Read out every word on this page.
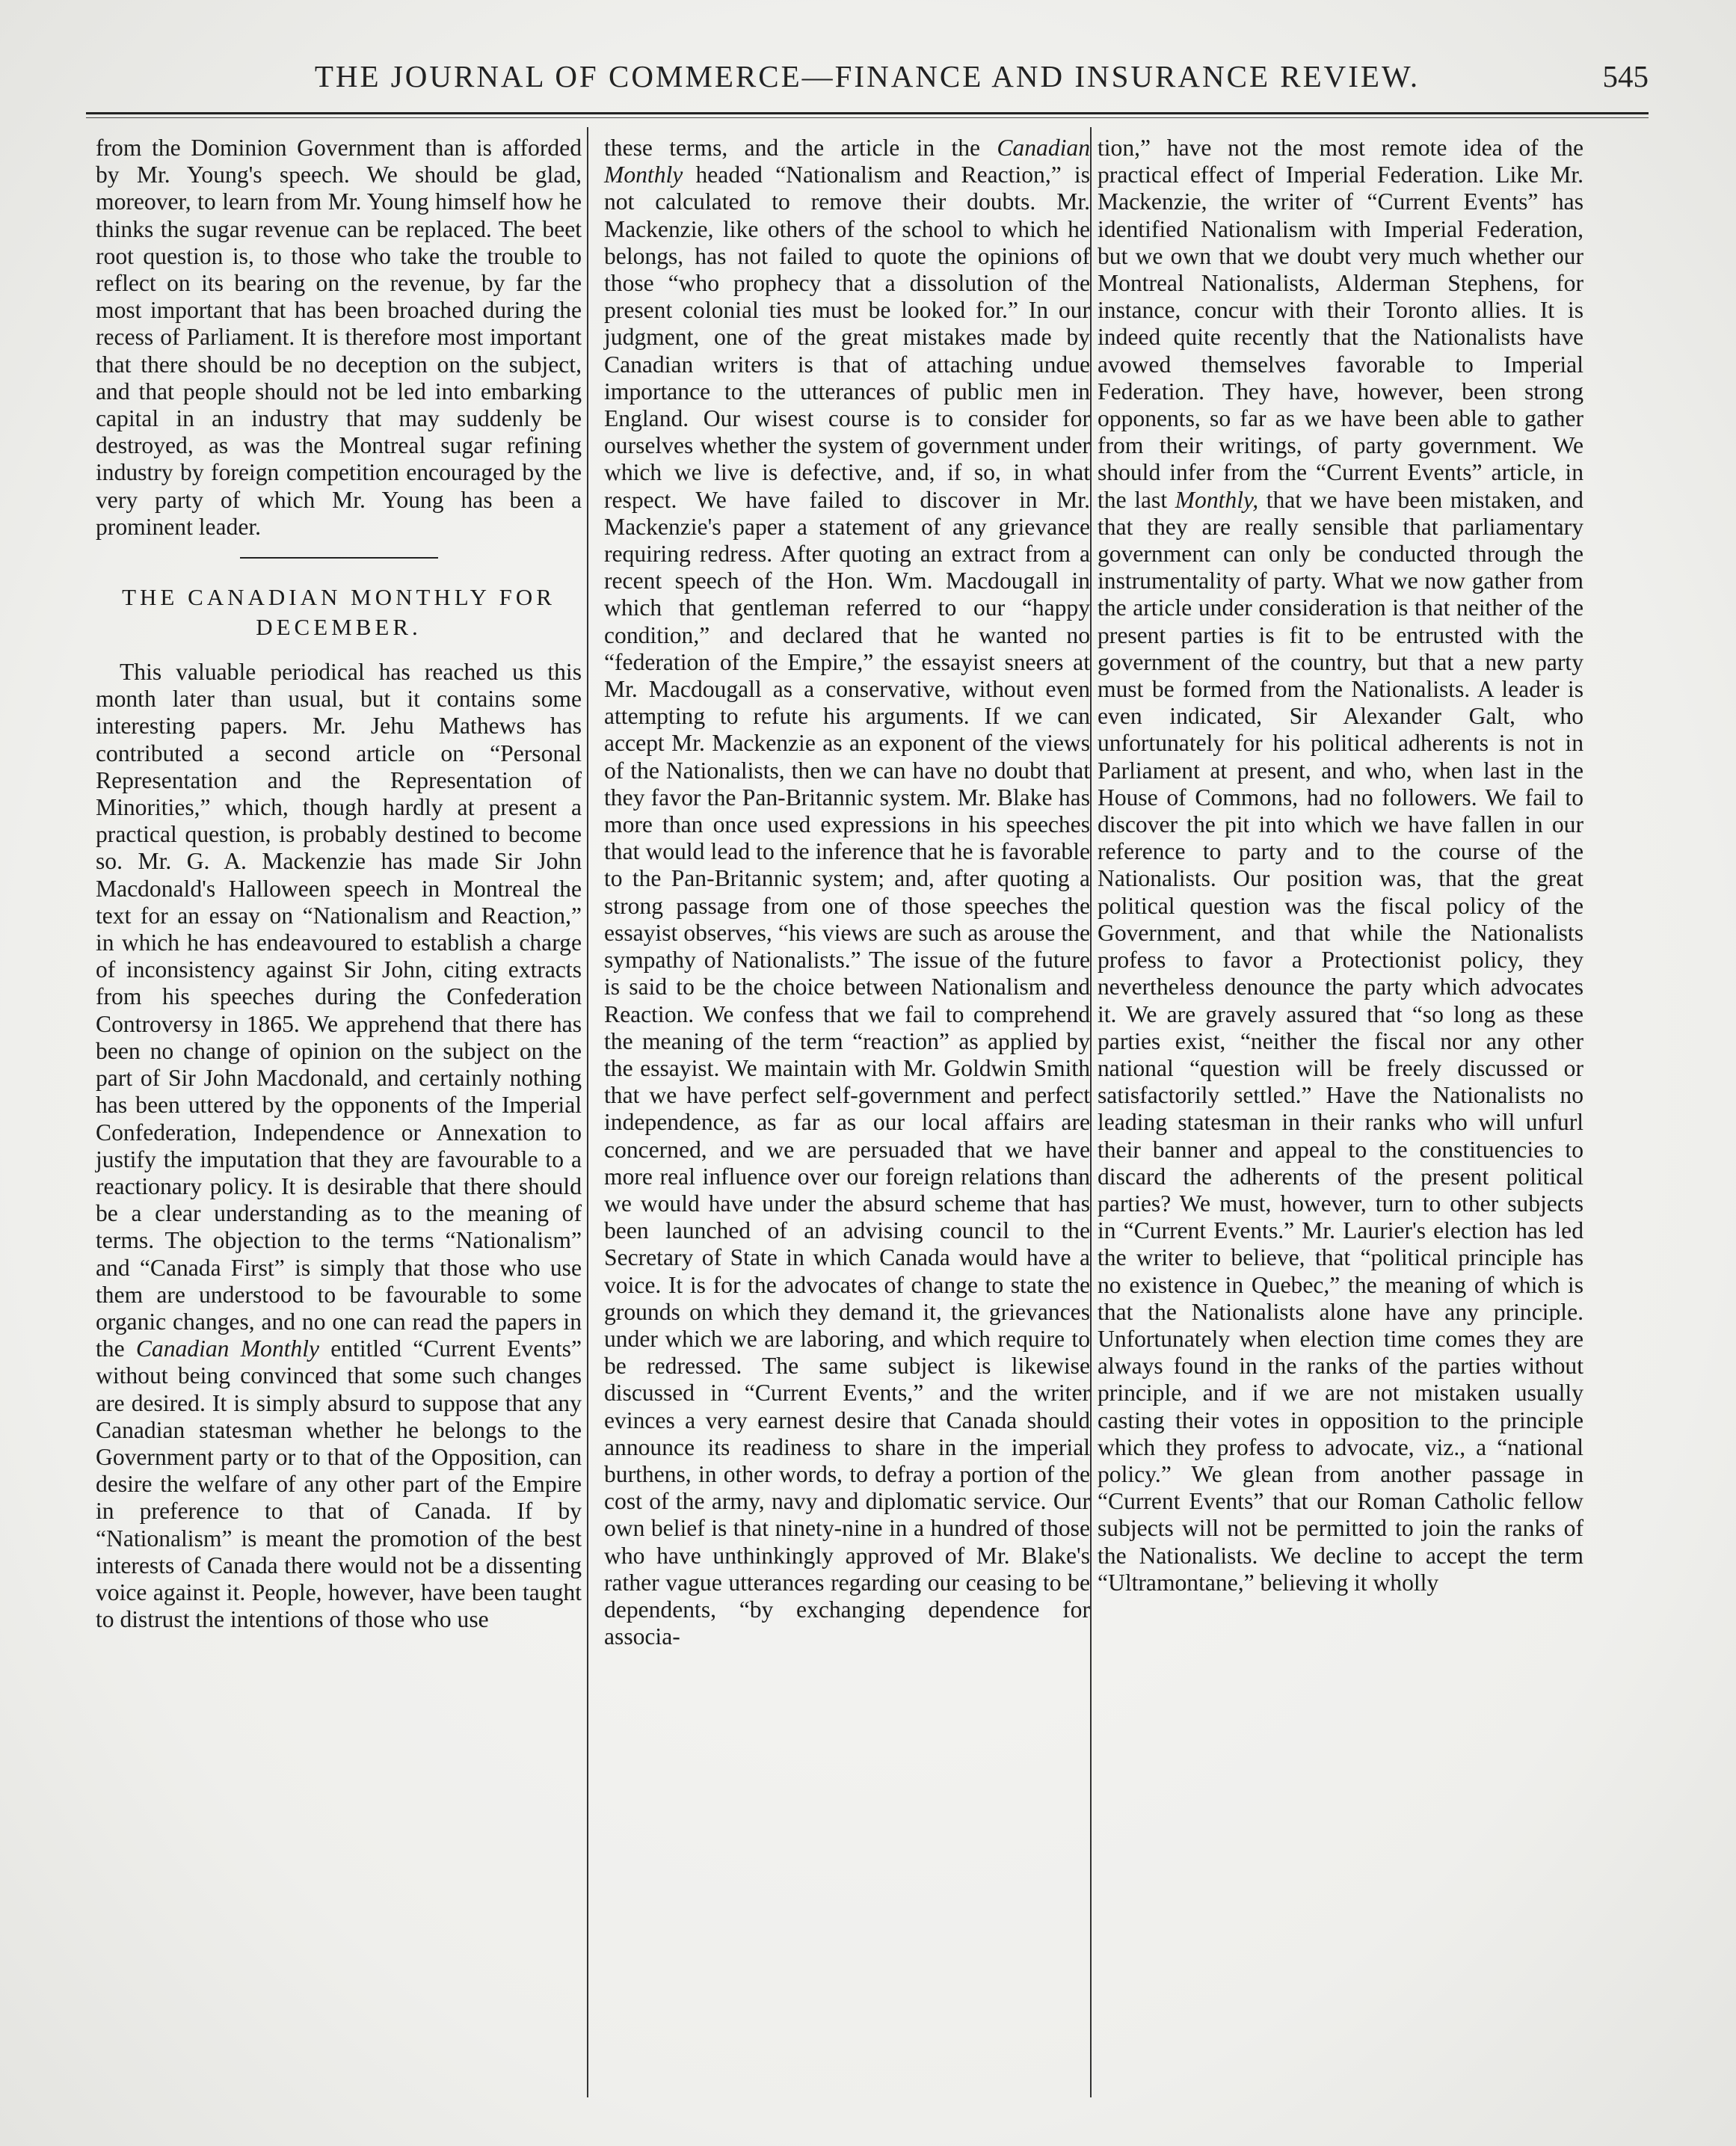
THE JOURNAL OF COMMERCE—FINANCE AND INSURANCE REVIEW.	545

from the Dominion Government than is afforded by Mr. Young's speech. We should be glad, moreover, to learn from Mr. Young himself how he thinks the sugar revenue can be replaced. The beet root question is, to those who take the trouble to reflect on its bearing on the revenue, by far the most important that has been broached during the recess of Parliament. It is therefore most important that there should be no deception on the subject, and that people should not be led into embarking capital in an industry that may suddenly be destroyed, as was the Montreal sugar refining industry by foreign competition encouraged by the very party of which Mr. Young has been a prominent leader.

THE CANADIAN MONTHLY FOR DECEMBER.

This valuable periodical has reached us this month later than usual, but it contains some interesting papers. Mr. Jehu Mathews has contributed a second article on “Personal Representation and the Representation of Minorities,” which, though hardly at present a practical question, is probably destined to become so. Mr. G. A. Mackenzie has made Sir John Macdonald's Halloween speech in Montreal the text for an essay on “Nationalism and Reaction,” in which he has endeavoured to establish a charge of inconsistency against Sir John, citing extracts from his speeches during the Confederation Controversy in 1865. We apprehend that there has been no change of opinion on the subject on the part of Sir John Macdonald, and certainly nothing has been uttered by the opponents of the Imperial Confederation, Independence or Annexation to justify the imputation that they are favourable to a reactionary policy. It is desirable that there should be a clear understanding as to the meaning of terms. The objection to the terms “Nationalism” and “Canada First” is simply that those who use them are understood to be favourable to some organic changes, and no one can read the papers in the Canadian Monthly entitled “Current Events” without being convinced that some such changes are desired. It is simply absurd to suppose that any Canadian statesman whether he belongs to the Government party or to that of the Opposition, can desire the welfare of any other part of the Empire in preference to that of Canada. If by “Nationalism” is meant the promotion of the best interests of Canada there would not be a dissenting voice against it. People, however, have been taught to distrust the intentions of those who use

these terms, and the article in the Canadian Monthly headed “Nationalism and Reaction,” is not calculated to remove their doubts. Mr. Mackenzie, like others of the school to which he belongs, has not failed to quote the opinions of those “who prophecy that a dissolution of the present colonial ties must be looked for.” In our judgment, one of the great mistakes made by Canadian writers is that of attaching undue importance to the utterances of public men in England. Our wisest course is to consider for ourselves whether the system of government under which we live is defective, and, if so, in what respect. We have failed to discover in Mr. Mackenzie's paper a statement of any grievance requiring redress. After quoting an extract from a recent speech of the Hon. Wm. Macdougall in which that gentleman referred to our “happy condition,” and declared that he wanted no “federation of the Empire,” the essayist sneers at Mr. Macdougall as a conservative, without even attempting to refute his arguments. If we can accept Mr. Mackenzie as an exponent of the views of the Nationalists, then we can have no doubt that they favor the Pan-Britannic system. Mr. Blake has more than once used expressions in his speeches that would lead to the inference that he is favorable to the Pan-Britannic system; and, after quoting a strong passage from one of those speeches the essayist observes, “his views are such as arouse the sympathy of Nationalists.” The issue of the future is said to be the choice between Nationalism and Reaction. We confess that we fail to comprehend the meaning of the term “reaction” as applied by the essayist. We maintain with Mr. Goldwin Smith that we have perfect self-government and perfect independence, as far as our local affairs are concerned, and we are persuaded that we have more real influence over our foreign relations than we would have under the absurd scheme that has been launched of an advising council to the Secretary of State in which Canada would have a voice. It is for the advocates of change to state the grounds on which they demand it, the grievances under which we are laboring, and which require to be redressed. The same subject is likewise discussed in “Current Events,” and the writer evinces a very earnest desire that Canada should announce its readiness to share in the imperial burthens, in other words, to defray a portion of the cost of the army, navy and diplomatic service. Our own belief is that ninety-nine in a hundred of those who have unthinkingly approved of Mr. Blake's rather vague utterances regarding our ceasing to be dependents, “by exchanging dependence for associa-

tion,” have not the most remote idea of the practical effect of Imperial Federation. Like Mr. Mackenzie, the writer of “Current Events” has identified Nationalism with Imperial Federation, but we own that we doubt very much whether our Montreal Nationalists, Alderman Stephens, for instance, concur with their Toronto allies. It is indeed quite recently that the Nationalists have avowed themselves favorable to Imperial Federation. They have, however, been strong opponents, so far as we have been able to gather from their writings, of party government. We should infer from the “Current Events” article, in the last Monthly, that we have been mistaken, and that they are really sensible that parliamentary government can only be conducted through the instrumentality of party. What we now gather from the article under consideration is that neither of the present parties is fit to be entrusted with the government of the country, but that a new party must be formed from the Nationalists. A leader is even indicated, Sir Alexander Galt, who unfortunately for his political adherents is not in Parliament at present, and who, when last in the House of Commons, had no followers. We fail to discover the pit into which we have fallen in our reference to party and to the course of the Nationalists. Our position was, that the great political question was the fiscal policy of the Government, and that while the Nationalists profess to favor a Protectionist policy, they nevertheless denounce the party which advocates it. We are gravely assured that “so long as these parties exist, “neither the fiscal nor any other national “question will be freely discussed or satisfactorily settled.” Have the Nationalists no leading statesman in their ranks who will unfurl their banner and appeal to the constituencies to discard the adherents of the present political parties? We must, however, turn to other subjects in “Current Events.” Mr. Laurier's election has led the writer to believe, that “political principle has no existence in Quebec,” the meaning of which is that the Nationalists alone have any principle. Unfortunately when election time comes they are always found in the ranks of the parties without principle, and if we are not mistaken usually casting their votes in opposition to the principle which they profess to advocate, viz., a “national policy.” We glean from another passage in “Current Events” that our Roman Catholic fellow subjects will not be permitted to join the ranks of the Nationalists. We decline to accept the term “Ultramontane,” believing it wholly
